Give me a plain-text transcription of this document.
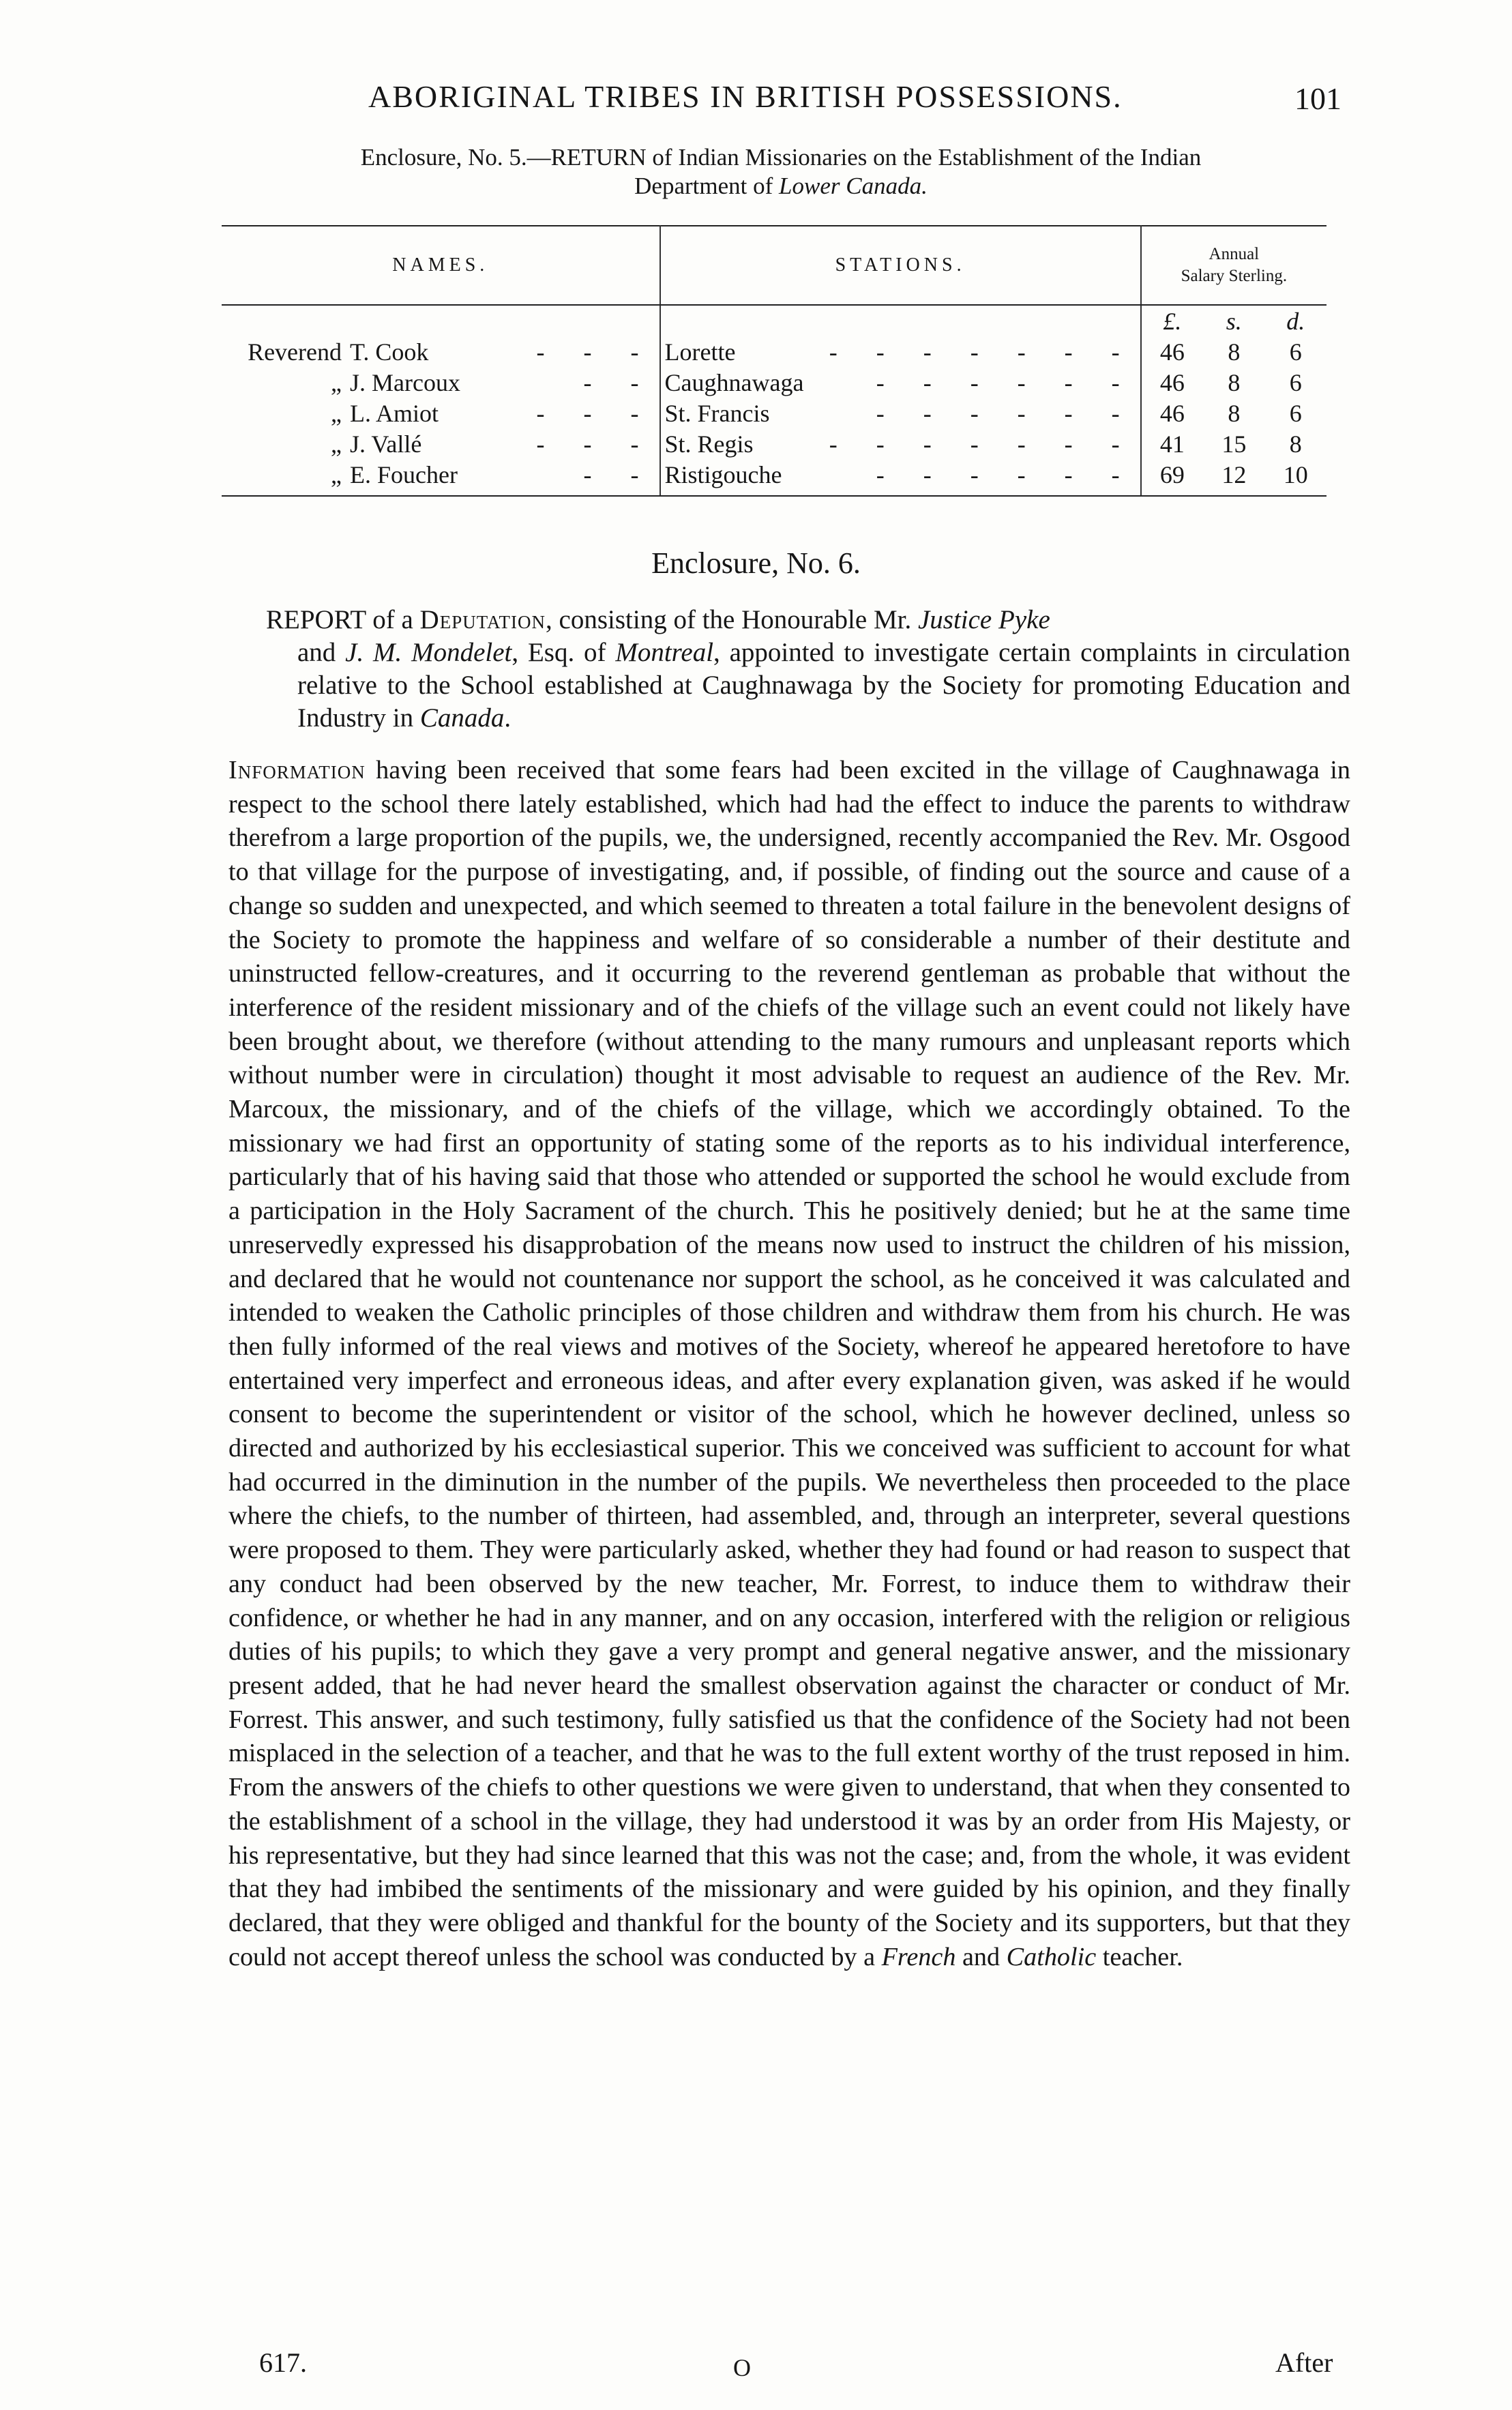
ABORIGINAL TRIBES IN BRITISH POSSESSIONS.	101
Enclosure, No. 5.—RETURN of Indian Missionaries on the Establishment of the Indian
Department of Lower Canada.
NAMES.	STATIONS.	Annual
Salary Sterling.		

		£.	s.	d.
Reverend T. Cook - - -	Lorette - - - - - - -	46	8	6
„ J. Marcoux - -	Caughnawaga - - - - - -	46	8	6
„ L. Amiot - - -	St. Francis - - - - - -	46	8	6
„ J. Vallé - - -	St. Regis - - - - - - -	41	15	8
„ E. Foucher - -	Ristigouche - - - - - -	69	12	10
Enclosure, No. 6.
REPORT of a Deputation, consisting of the Honourable Mr. Justice Pyke
and J. M. Mondelet, Esq. of Montreal, appointed to investigate certain complaints in circulation relative to the School established at Caughnawaga by the Society for promoting Education and Industry in Canada.

Information having been received that some fears had been excited in the village of Caughnawaga in respect to the school there lately established, which had had the effect to induce the parents to withdraw therefrom a large proportion of the pupils, we, the undersigned, recently accompanied the Rev. Mr. Osgood to that village for the purpose of investigating, and, if possible, of finding out the source and cause of a change so sudden and unexpected, and which seemed to threaten a total failure in the benevolent designs of the Society to promote the happiness and welfare of so considerable a number of their destitute and uninstructed fellow-creatures, and it occurring to the reverend gentleman as probable that without the interference of the resident missionary and of the chiefs of the village such an event could not likely have been brought about, we therefore (without attending to the many rumours and unpleasant reports which without number were in circulation) thought it most advisable to request an audience of the Rev. Mr. Marcoux, the missionary, and of the chiefs of the village, which we accordingly obtained. To the missionary we had first an opportunity of stating some of the reports as to his individual interference, particularly that of his having said that those who attended or supported the school he would exclude from a participation in the Holy Sacrament of the church. This he positively denied; but he at the same time unreservedly expressed his disapprobation of the means now used to instruct the children of his mission, and declared that he would not countenance nor support the school, as he conceived it was calculated and intended to weaken the Catholic principles of those children and withdraw them from his church. He was then fully informed of the real views and motives of the Society, whereof he appeared heretofore to have entertained very imperfect and erroneous ideas, and after every explanation given, was asked if he would consent to become the superintendent or visitor of the school, which he however declined, unless so directed and authorized by his ecclesiastical superior. This we conceived was sufficient to account for what had occurred in the diminution in the number of the pupils. We nevertheless then proceeded to the place where the chiefs, to the number of thirteen, had assembled, and, through an interpreter, several questions were proposed to them. They were particularly asked, whether they had found or had reason to suspect that any conduct had been observed by the new teacher, Mr. Forrest, to induce them to withdraw their confidence, or whether he had in any manner, and on any occasion, interfered with the religion or religious duties of his pupils; to which they gave a very prompt and general negative answer, and the missionary present added, that he had never heard the smallest observation against the character or conduct of Mr. Forrest. This answer, and such testimony, fully satisfied us that the confidence of the Society had not been misplaced in the selection of a teacher, and that he was to the full extent worthy of the trust reposed in him. From the answers of the chiefs to other questions we were given to understand, that when they consented to the establishment of a school in the village, they had understood it was by an order from His Majesty, or his representative, but they had since learned that this was not the case; and, from the whole, it was evident that they had imbibed the sentiments of the missionary and were guided by his opinion, and they finally declared, that they were obliged and thankful for the bounty of the Society and its supporters, but that they could not accept thereof unless the school was conducted by a French and Catholic teacher.

617.	O	After
